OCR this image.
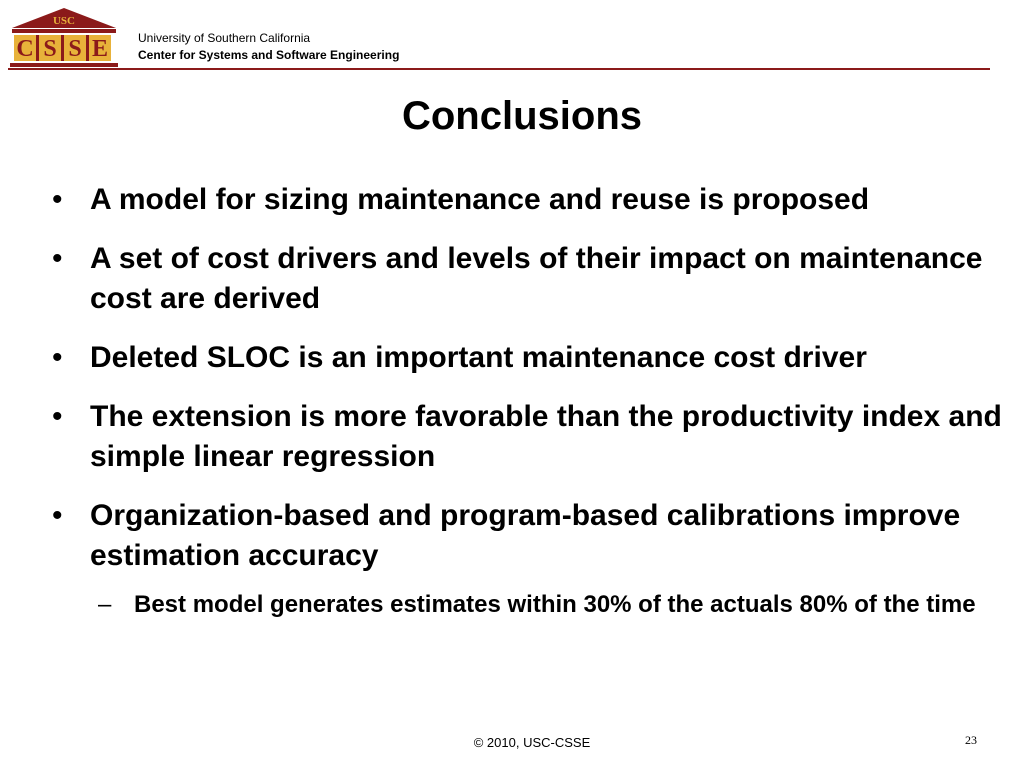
USC
C S S E University of Southern California
Center for Systems and Software Engineering
Conclusions
• A model for sizing maintenance and reuse is proposed
• A set of cost drivers and levels of their impact on maintenance cost are derived
• Deleted SLOC is an important maintenance cost driver
• The extension is more favorable than the productivity index and simple linear regression
• Organization-based and program-based calibrations improve estimation accuracy
– Best model generates estimates within 30% of the actuals 80% of the time
© 2010, USC-CSSE	23
